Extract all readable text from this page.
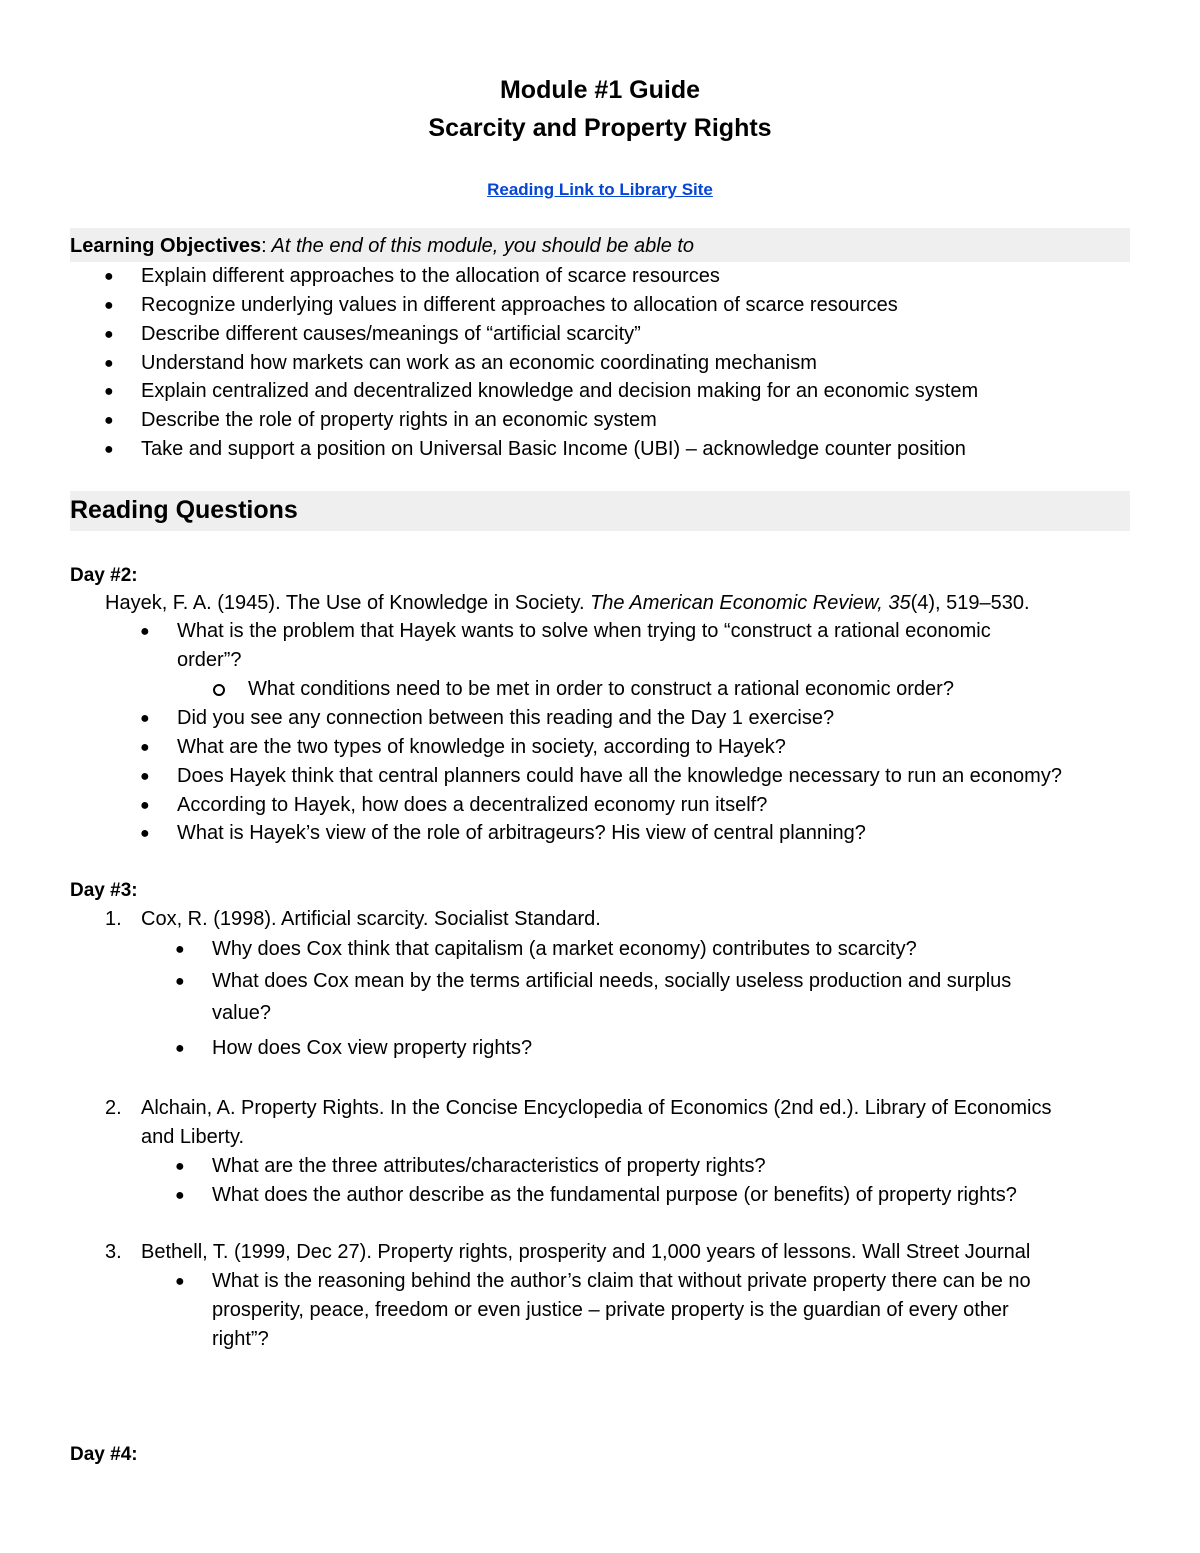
Module #1 Guide
Scarcity and Property Rights
Reading Link to Library Site
Learning Objectives: At the end of this module, you should be able to
● Explain different approaches to the allocation of scarce resources
● Recognize underlying values in different approaches to allocation of scarce resources
● Describe different causes/meanings of “artificial scarcity”
● Understand how markets can work as an economic coordinating mechanism
● Explain centralized and decentralized knowledge and decision making for an economic system
● Describe the role of property rights in an economic system
● Take and support a position on Universal Basic Income (UBI) – acknowledge counter position
Reading Questions
Day #2:
Hayek, F. A. (1945). The Use of Knowledge in Society. The American Economic Review, 35(4), 519–530.
● What is the problem that Hayek wants to solve when trying to “construct a rational economic
order”?
What conditions need to be met in order to construct a rational economic order?
● Did you see any connection between this reading and the Day 1 exercise?
● What are the two types of knowledge in society, according to Hayek?
● Does Hayek think that central planners could have all the knowledge necessary to run an economy?
● According to Hayek, how does a decentralized economy run itself?
● What is Hayek’s view of the role of arbitrageurs? His view of central planning?
Day #3:
1. Cox, R. (1998). Artificial scarcity. Socialist Standard.
● Why does Cox think that capitalism (a market economy) contributes to scarcity?
● What does Cox mean by the terms artificial needs, socially useless production and surplus
value?
● How does Cox view property rights?
2. Alchain, A. Property Rights. In the Concise Encyclopedia of Economics (2nd ed.). Library of Economics
and Liberty.
● What are the three attributes/characteristics of property rights?
● What does the author describe as the fundamental purpose (or benefits) of property rights?
3. Bethell, T. (1999, Dec 27). Property rights, prosperity and 1,000 years of lessons. Wall Street Journal
● What is the reasoning behind the author’s claim that without private property there can be no
prosperity, peace, freedom or even justice – private property is the guardian of every other
right”?
Day #4:
